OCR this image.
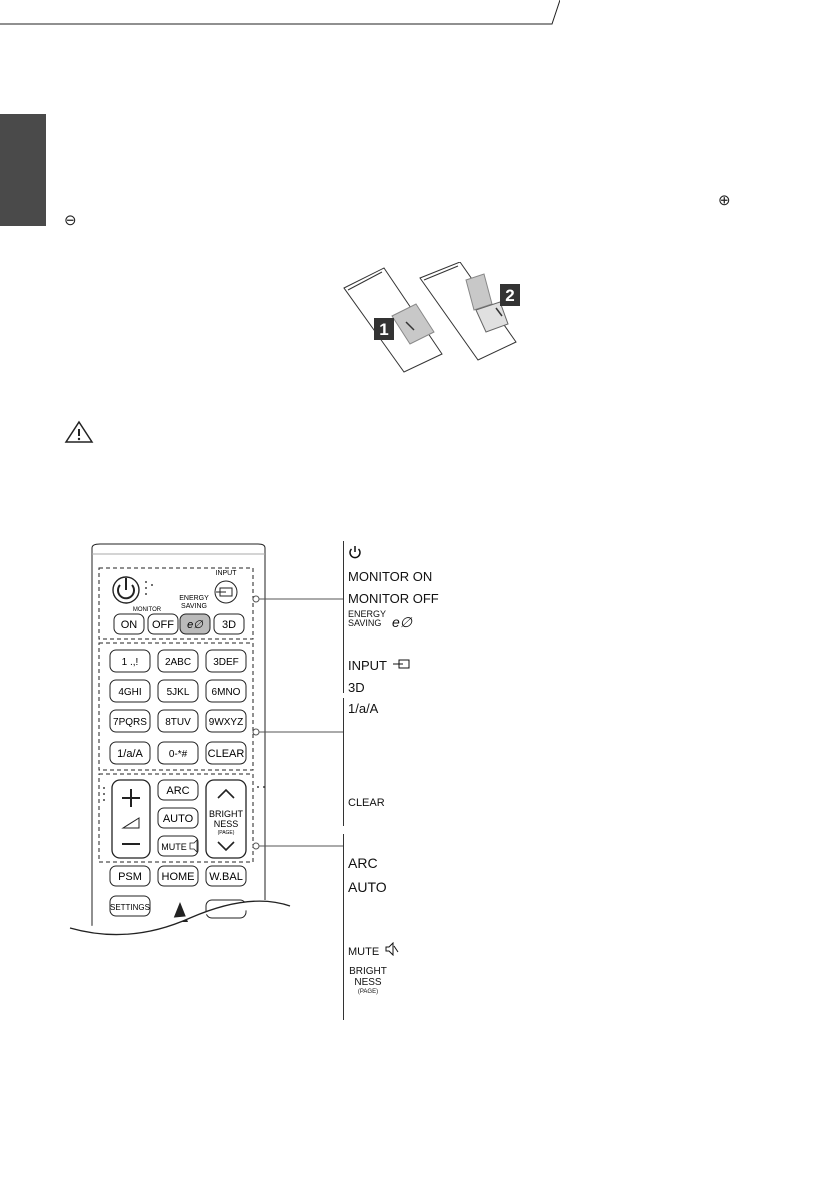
⊕
⊖
1
2
INPUT
MONITOR
ENERGY
SAVING
ON OFF e∅ 3D
1 .,!	2ABC 3DEF
4GHI 5JKL 6MNO
7PQRS 8TUV 9WXYZ
1/a/A	0-*# CLEAR
ARC
AUTO
MUTE
BRIGHT
NESS
(PAGE)
PSM HOME W.BAL
SETTINGS
MONITOR ON
MONITOR OFF
ENERGY
SAVING e∅
INPUT
3D
1/a/A
CLEAR
ARC
AUTO
MUTE
BRIGHT
NESS
(PAGE)
